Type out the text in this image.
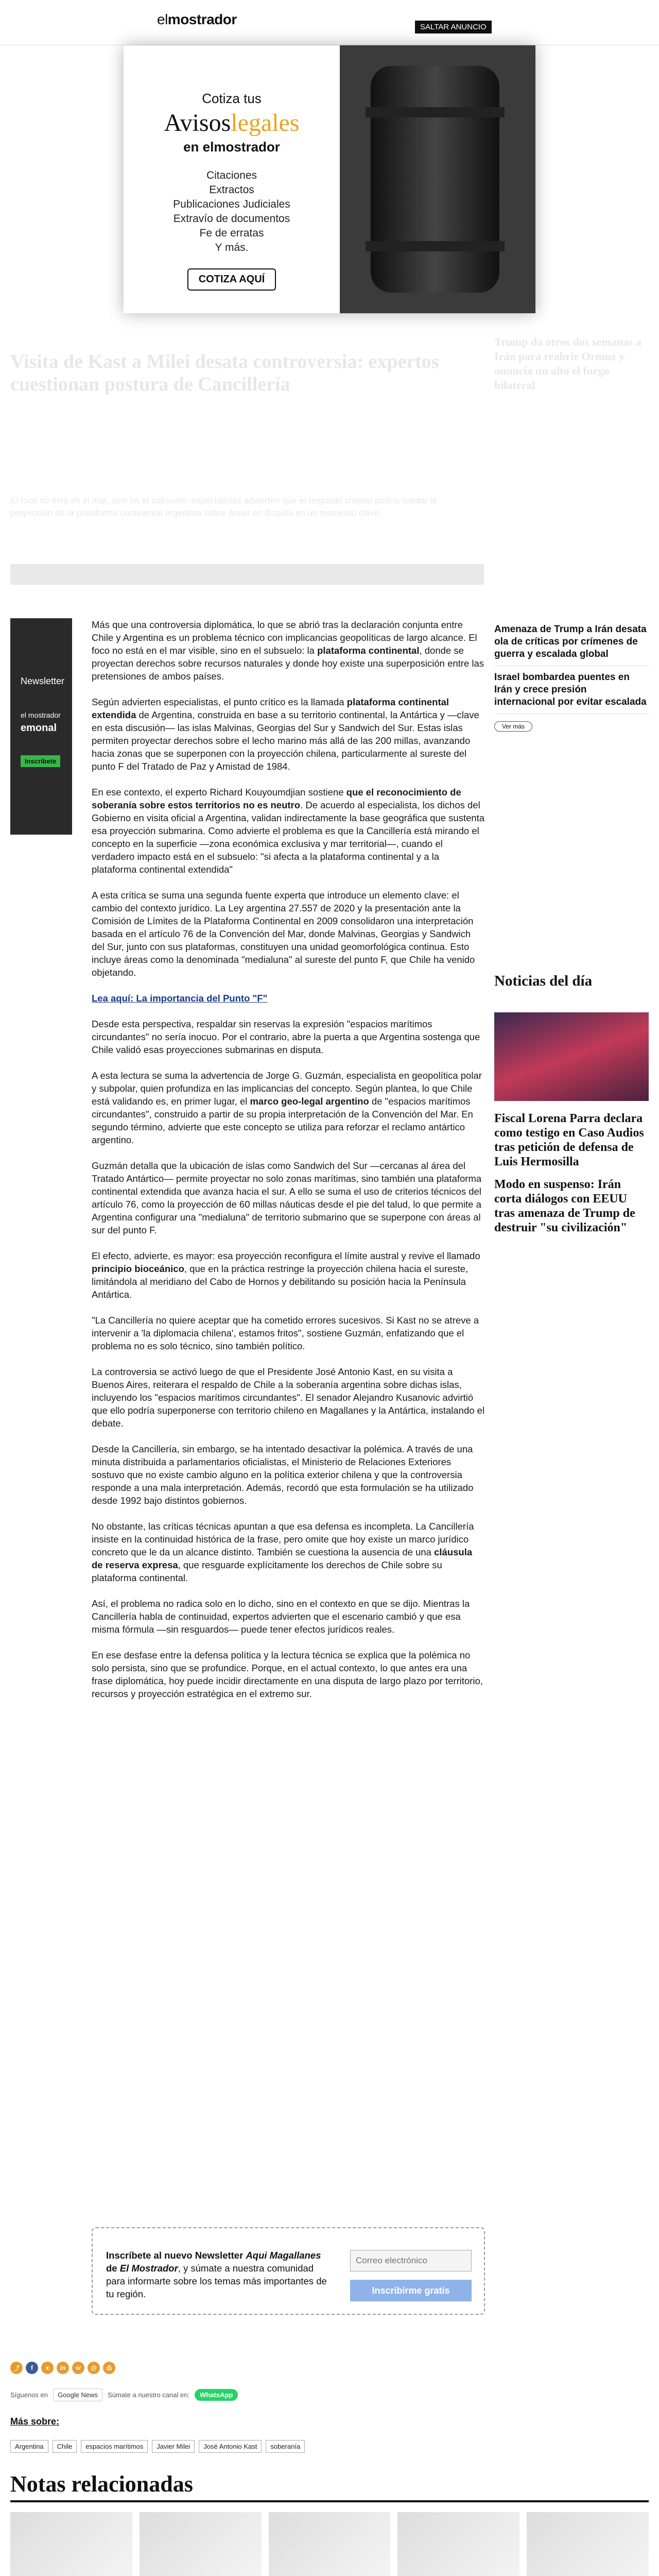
elmostrador	SALTAR ANUNCIO
Cotiza tus
Avisoslegales
en elmostrador
Citaciones
Extractos
Publicaciones Judiciales
Extravío de documentos
Fe de erratas
Y más.
COTIZA AQUÍ
Newsletter
el mostrador
emonal
Inscríbete

Más que una controversia diplomática, lo que se abrió tras la declaración conjunta entre Chile y Argentina es un problema técnico con implicancias geopolíticas de largo alcance. El foco no está en el mar visible, sino en el subsuelo: la plataforma continental, donde se proyectan derechos sobre recursos naturales y donde hoy existe una superposición entre las pretensiones de ambos países.

Según advierten especialistas, el punto crítico es la llamada plataforma continental extendida de Argentina, construida en base a su territorio continental, la Antártica y —clave en esta discusión— las islas Malvinas, Georgias del Sur y Sandwich del Sur. Estas islas permiten proyectar derechos sobre el lecho marino más allá de las 200 millas, avanzando hacia zonas que se superponen con la proyección chilena, particularmente al sureste del punto F del Tratado de Paz y Amistad de 1984.

En ese contexto, el experto Richard Kouyoumdjian sostiene que el reconocimiento de soberanía sobre estos territorios no es neutro. De acuerdo al especialista, los dichos del Gobierno en visita oficial a Argentina, validan indirectamente la base geográfica que sustenta esa proyección submarina. Como advierte el problema es que la Cancillería está mirando el concepto en la superficie —zona económica exclusiva y mar territorial—, cuando el verdadero impacto está en el subsuelo: "si afecta a la plataforma continental y a la plataforma continental extendida"

A esta crítica se suma una segunda fuente experta que introduce un elemento clave: el cambio del contexto jurídico. La Ley argentina 27.557 de 2020 y la presentación ante la Comisión de Límites de la Plataforma Continental en 2009 consolidaron una interpretación basada en el artículo 76 de la Convención del Mar, donde Malvinas, Georgias y Sandwich del Sur, junto con sus plataformas, constituyen una unidad geomorfológica continua. Esto incluye áreas como la denominada "medialuna" al sureste del punto F, que Chile ha venido objetando.

Lea aquí: La importancia del Punto "F"

Desde esta perspectiva, respaldar sin reservas la expresión "espacios marítimos circundantes" no sería inocuo. Por el contrario, abre la puerta a que Argentina sostenga que Chile validó esas proyecciones submarinas en disputa.

A esta lectura se suma la advertencia de Jorge G. Guzmán, especialista en geopolítica polar y subpolar, quien profundiza en las implicancias del concepto. Según plantea, lo que Chile está validando es, en primer lugar, el marco geo-legal argentino de "espacios marítimos circundantes", construido a partir de su propia interpretación de la Convención del Mar. En segundo término, advierte que este concepto se utiliza para reforzar el reclamo antártico argentino.

Guzmán detalla que la ubicación de islas como Sandwich del Sur —cercanas al área del Tratado Antártico— permite proyectar no solo zonas marítimas, sino también una plataforma continental extendida que avanza hacia el sur. A ello se suma el uso de criterios técnicos del artículo 76, como la proyección de 60 millas náuticas desde el pie del talud, lo que permite a Argentina configurar una "medialuna" de territorio submarino que se superpone con áreas al sur del punto F.

El efecto, advierte, es mayor: esa proyección reconfigura el límite austral y revive el llamado principio bioceánico, que en la práctica restringe la proyección chilena hacia el sureste, limitándola al meridiano del Cabo de Hornos y debilitando su posición hacia la Península Antártica.

"La Cancillería no quiere aceptar que ha cometido errores sucesivos. Si Kast no se atreve a intervenir a 'la diplomacia chilena', estamos fritos", sostiene Guzmán, enfatizando que el problema no es solo técnico, sino también político.

La controversia se activó luego de que el Presidente José Antonio Kast, en su visita a Buenos Aires, reiterara el respaldo de Chile a la soberanía argentina sobre dichas islas, incluyendo los "espacios marítimos circundantes". El senador Alejandro Kusanovic advirtió que ello podría superponerse con territorio chileno en Magallanes y la Antártica, instalando el debate.

Desde la Cancillería, sin embargo, se ha intentado desactivar la polémica. A través de una minuta distribuida a parlamentarios oficialistas, el Ministerio de Relaciones Exteriores sostuvo que no existe cambio alguno en la política exterior chilena y que la controversia responde a una mala interpretación. Además, recordó que esta formulación se ha utilizado desde 1992 bajo distintos gobiernos.

No obstante, las críticas técnicas apuntan a que esa defensa es incompleta. La Cancillería insiste en la continuidad histórica de la frase, pero omite que hoy existe un marco jurídico concreto que le da un alcance distinto. También se cuestiona la ausencia de una cláusula de reserva expresa, que resguarde explícitamente los derechos de Chile sobre su plataforma continental.

Así, el problema no radica solo en lo dicho, sino en el contexto en que se dijo. Mientras la Cancillería habla de continuidad, expertos advierten que el escenario cambió y que esa misma fórmula —sin resguardos— puede tener efectos jurídicos reales.

En ese desfase entre la defensa política y la lectura técnica se explica que la polémica no solo persista, sino que se profundice. Porque, en el actual contexto, lo que antes era una frase diplomática, hoy puede incidir directamente en una disputa de largo plazo por territorio, recursos y proyección estratégica en el extremo sur.

Amenaza de Trump a Irán desata ola de críticas por crímenes de guerra y escalada global
Israel bombardea puentes en Irán y crece presión internacional por evitar escalada
Ver más
Noticias del día
Fiscal Lorena Parra declara como testigo en Caso Audios tras petición de defensa de Luis Hermosilla
Modo en suspenso: Irán corta diálogos con EEUU tras amenaza de Trump de destruir "su civilización"
Inscríbete al nuevo Newsletter Aqui Magallanes de El Mostrador, y súmate a nuestra comunidad para informarte sobre los temas más importantes de tu región.
Correo electrónico	Inscribirme gratis
⤴	f	x	in	w	@	⎙
Síguenos en	Google News	Súmate a nuestro canal en:	WhatsApp
Más sobre:
Argentina	Chile	espacios marítimos	Javier Milei	José Antonio Kast	soberanía
Notas relacionadas
